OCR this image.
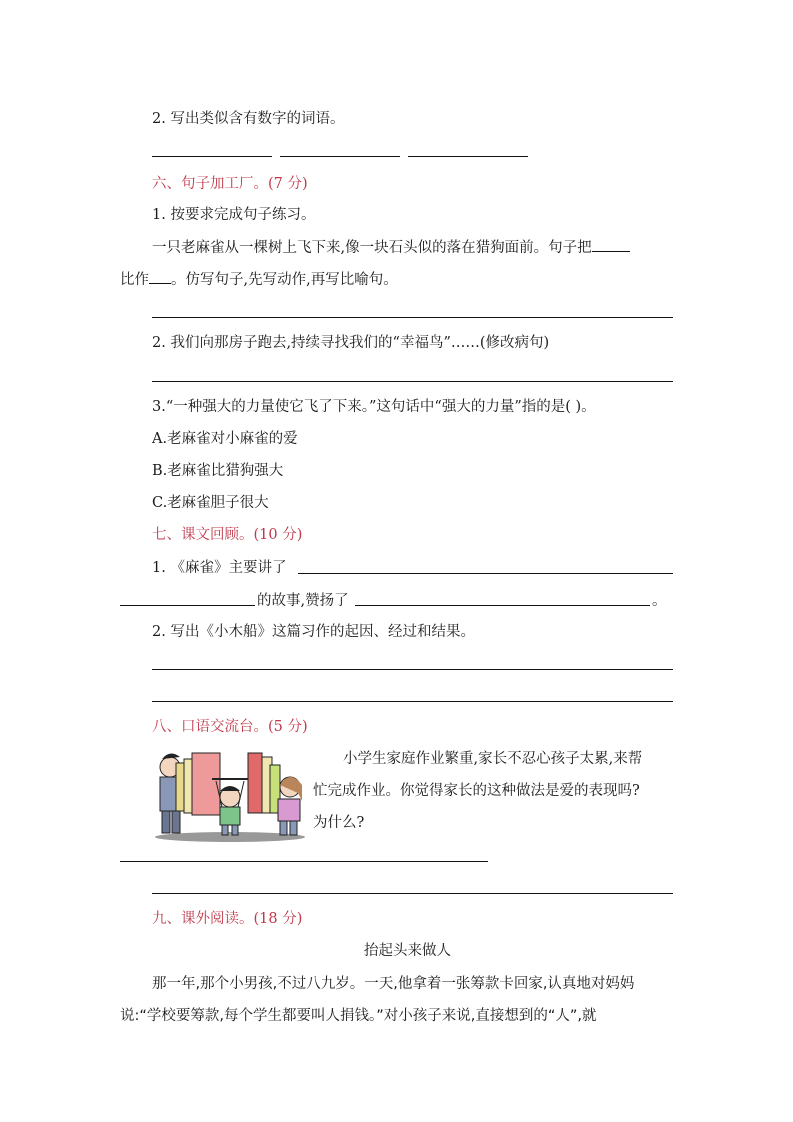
2. 写出类似含有数字的词语。
六、句子加工厂。(7 分)
1. 按要求完成句子练习。
一只老麻雀从一棵树上飞下来,像一块石头似的落在猎狗面前。句子把
比作 。仿写句子,先写动作,再写比喻句。
2. 我们向那房子跑去,持续寻找我们的“幸福鸟”……(修改病句)
3.“一种强大的力量使它飞了下来。”这句话中“强大的力量”指的是( )。
A.老麻雀对小麻雀的爱
B.老麻雀比猎狗强大
C.老麻雀胆子很大
七、课文回顾。(10 分)
1. 《麻雀》主要讲了
的故事,赞扬了	。
2. 写出《小木船》这篇习作的起因、经过和结果。
八、口语交流台。(5 分)
小学生家庭作业繁重,家长不忍心孩子太累,来帮
忙完成作业。你觉得家长的这种做法是爱的表现吗?
为什么?
九、课外阅读。(18 分)
抬起头来做人
那一年,那个小男孩,不过八九岁。一天,他拿着一张筹款卡回家,认真地对妈妈
说:“学校要筹款,每个学生都要叫人捐钱。”对小孩子来说,直接想到的“人”,就
